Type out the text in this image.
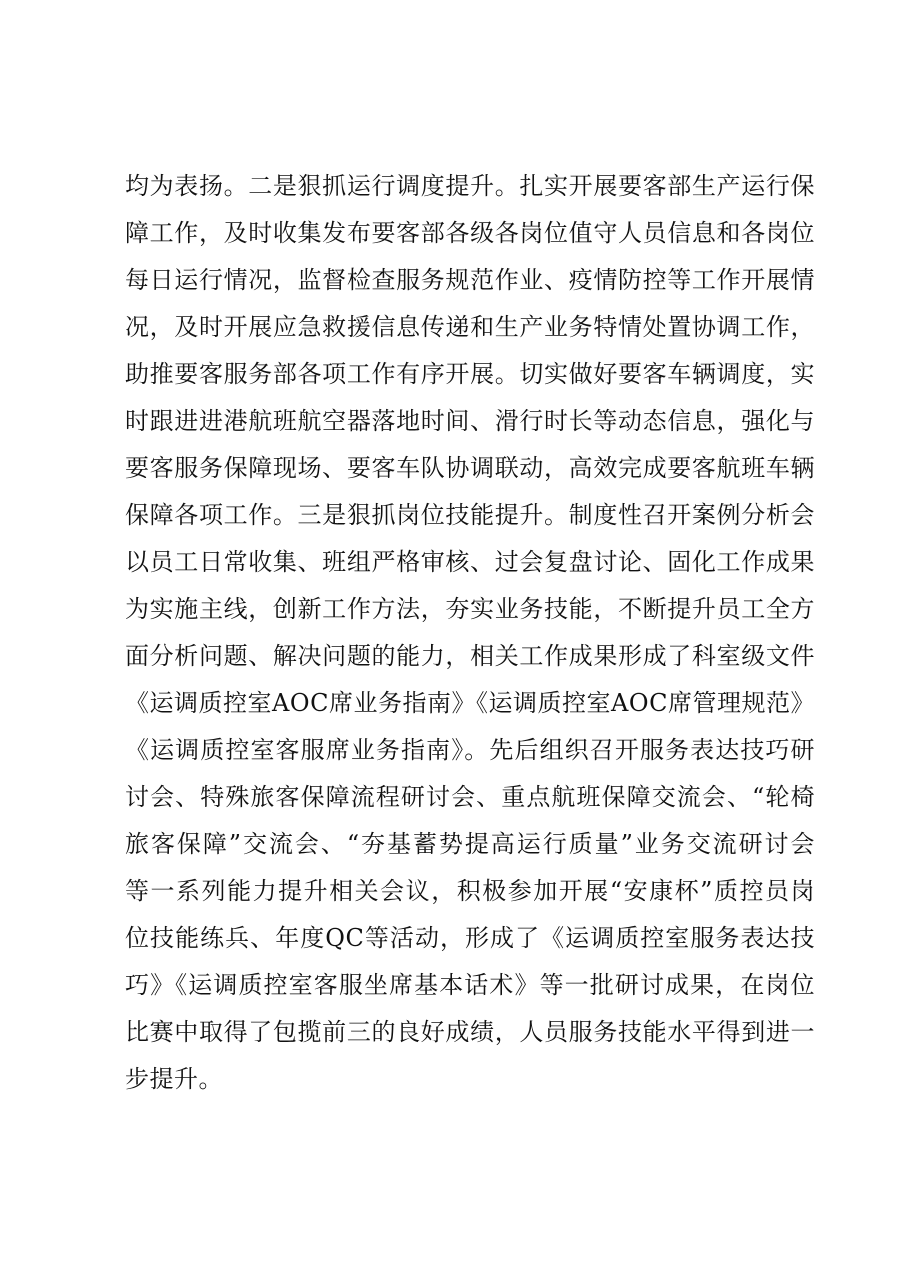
均为表扬。二是狠抓运行调度提升。扎实开展要客部生产运行保
障工作，及时收集发布要客部各级各岗位值守人员信息和各岗位
每日运行情况，监督检查服务规范作业、疫情防控等工作开展情
况，及时开展应急救援信息传递和生产业务特情处置协调工作，
助推要客服务部各项工作有序开展。切实做好要客车辆调度，实
时跟进进港航班航空器落地时间、滑行时长等动态信息，强化与
要客服务保障现场、要客车队协调联动，高效完成要客航班车辆
保障各项工作。三是狠抓岗位技能提升。制度性召开案例分析会
以员工日常收集、班组严格审核、过会复盘讨论、固化工作成果
为实施主线，创新工作方法，夯实业务技能，不断提升员工全方
面分析问题、解决问题的能力，相关工作成果形成了科室级文件
《运调质控室AOC席业务指南》《运调质控室AOC席管理规范》
《运调质控室客服席业务指南》。先后组织召开服务表达技巧研
讨会、特殊旅客保障流程研讨会、重点航班保障交流会、“轮椅
旅客保障”交流会、“夯基蓄势提高运行质量”业务交流研讨会
等一系列能力提升相关会议，积极参加开展“安康杯”质控员岗
位技能练兵、年度QC等活动，形成了《运调质控室服务表达技
巧》《运调质控室客服坐席基本话术》等一批研讨成果，在岗位
比赛中取得了包揽前三的良好成绩，人员服务技能水平得到进一
步提升。
